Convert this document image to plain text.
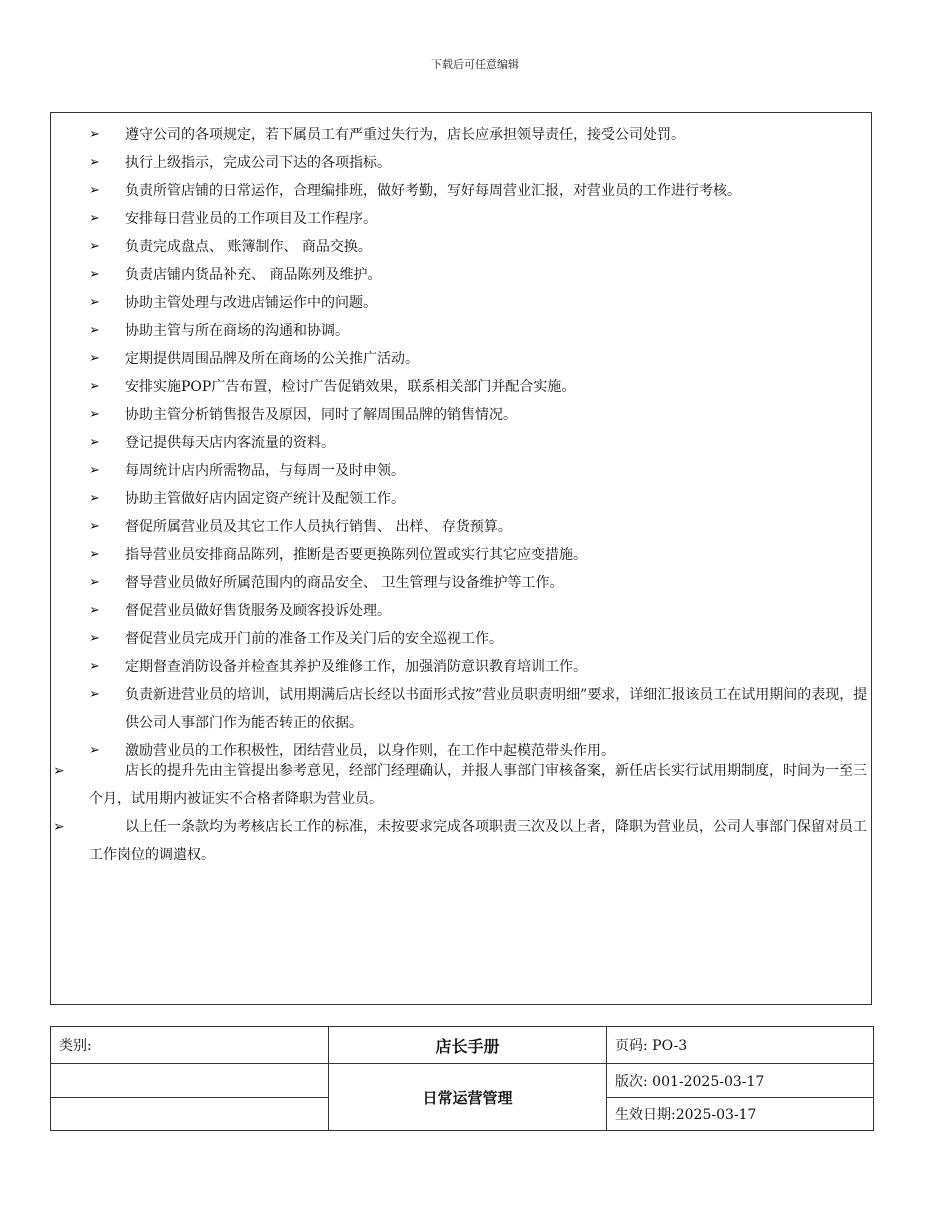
下载后可任意编辑
➢ 遵守公司的各项规定，若下属员工有严重过失行为，店长应承担领导责任，接受公司处罚。
➢ 执行上级指示，完成公司下达的各项指标。
➢ 负责所管店铺的日常运作，合理编排班，做好考勤，写好每周营业汇报，对营业员的工作进行考核。
➢ 安排每日营业员的工作项目及工作程序。
➢ 负责完成盘点、 账簿制作、 商品交换。
➢ 负责店铺内货品补充、 商品陈列及维护。
➢ 协助主管处理与改进店铺运作中的问题。
➢ 协助主管与所在商场的沟通和协调。
➢ 定期提供周围品牌及所在商场的公关推广活动。
➢ 安排实施POP广告布置，检讨广告促销效果，联系相关部门并配合实施。
➢ 协助主管分析销售报告及原因，同时了解周围品牌的销售情况。
➢ 登记提供每天店内客流量的资料。
➢ 每周统计店内所需物品，与每周一及时申领。
➢ 协助主管做好店内固定资产统计及配领工作。
➢ 督促所属营业员及其它工作人员执行销售、 出样、 存货预算。
➢ 指导营业员安排商品陈列，推断是否要更换陈列位置或实行其它应变措施。
➢ 督导营业员做好所属范围内的商品安全、 卫生管理与设备维护等工作。
➢ 督促营业员做好售货服务及顾客投诉处理。
➢ 督促营业员完成开门前的准备工作及关门后的安全巡视工作。
➢ 定期督查消防设备并检查其养护及维修工作，加强消防意识教育培训工作。
➢ 负责新进营业员的培训，试用期满后店长经以书面形式按”营业员职责明细”要求，详细汇报该员工在试用期间的表现，提供公司人事部门作为能否转正的依据。
➢ 激励营业员的工作积极性，团结营业员，以身作则，在工作中起模范带头作用。

➢	店长的提升先由主管提出参考意见，经部门经理确认，并报人事部门审核备案，新任店长实行试用期制度，时间为一至三个月，试用期内被证实不合格者降职为营业员。

➢	以上任一条款均为考核店长工作的标准，未按要求完成各项职责三次及以上者，降职为营业员，公司人事部门保留对员工工作岗位的调遣权。

类别:	店长手册	页码: PO-3
	日常运营管理	版次: 001-2025-03-17
		生效日期:2025-03-17
